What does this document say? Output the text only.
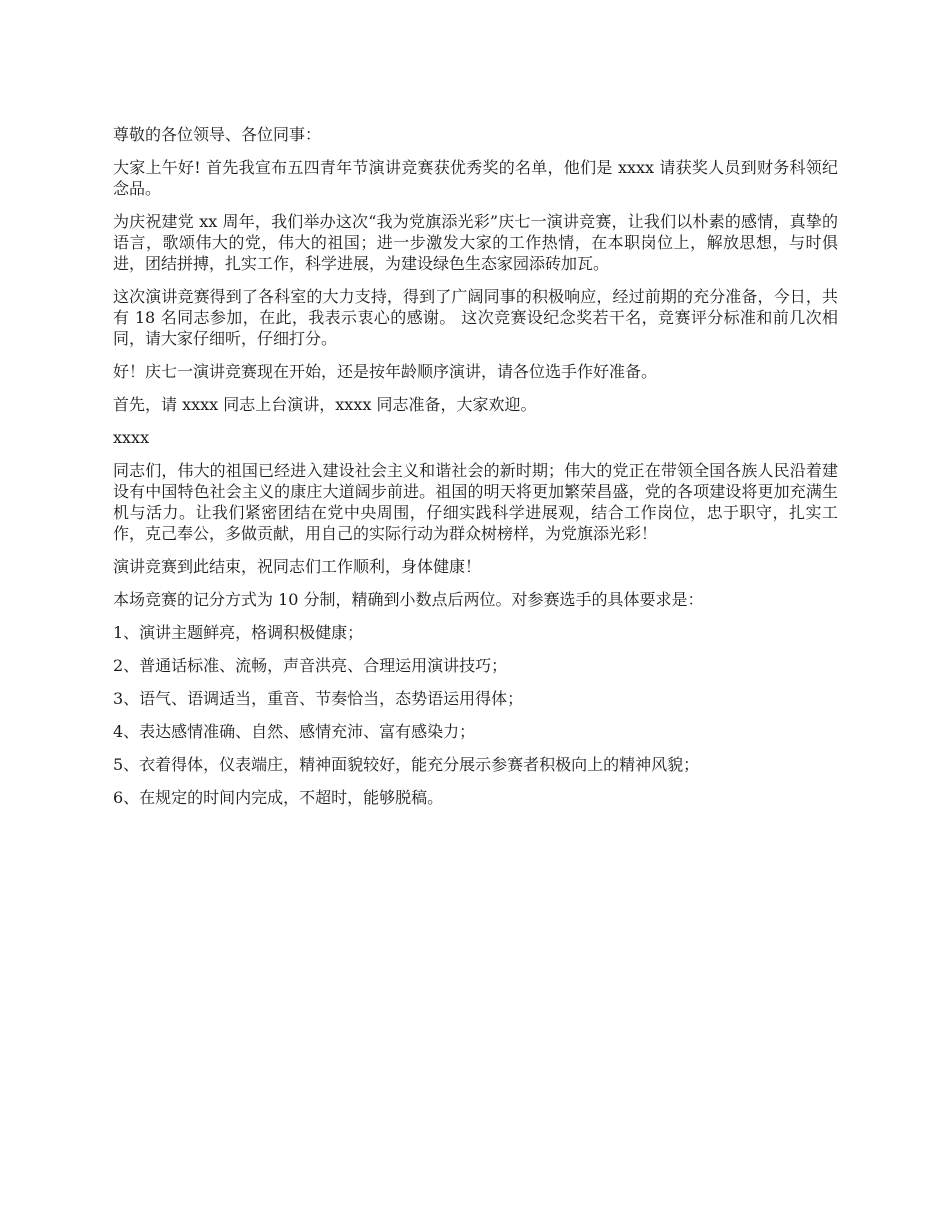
尊敬的各位领导、各位同事：

大家上午好! 首先我宣布五四青年节演讲竞赛获优秀奖的名单，他们是 xxxx 请获奖人员到财务科领纪念品。

为庆祝建党 xx 周年，我们举办这次“我为党旗添光彩”庆七一演讲竞赛，让我们以朴素的感情，真挚的语言，歌颂伟大的党，伟大的祖国；进一步激发大家的工作热情，在本职岗位上，解放思想，与时俱进，团结拼搏，扎实工作，科学进展，为建设绿色生态家园添砖加瓦。

这次演讲竞赛得到了各科室的大力支持，得到了广阔同事的积极响应，经过前期的充分准备，今日，共有 18 名同志参加，在此，我表示衷心的感谢。 这次竞赛设纪念奖若干名，竞赛评分标准和前几次相同，请大家仔细听，仔细打分。

好！庆七一演讲竞赛现在开始，还是按年龄顺序演讲，请各位选手作好准备。

首先，请 xxxx 同志上台演讲，xxxx 同志准备，大家欢迎。

xxxx

同志们，伟大的祖国已经进入建设社会主义和谐社会的新时期；伟大的党正在带领全国各族人民沿着建设有中国特色社会主义的康庄大道阔步前进。祖国的明天将更加繁荣昌盛，党的各项建设将更加充满生机与活力。让我们紧密团结在党中央周围，仔细实践科学进展观，结合工作岗位，忠于职守，扎实工作，克己奉公，多做贡献，用自己的实际行动为群众树榜样，为党旗添光彩！

演讲竞赛到此结束，祝同志们工作顺利，身体健康！

本场竞赛的记分方式为 10 分制，精确到小数点后两位。对参赛选手的具体要求是：

1、演讲主题鲜亮，格调积极健康；

2、普通话标准、流畅，声音洪亮、合理运用演讲技巧；

3、语气、语调适当，重音、节奏恰当，态势语运用得体；

4、表达感情准确、自然、感情充沛、富有感染力；

5、衣着得体，仪表端庄，精神面貌较好，能充分展示参赛者积极向上的精神风貌；

6、在规定的时间内完成，不超时，能够脱稿。
